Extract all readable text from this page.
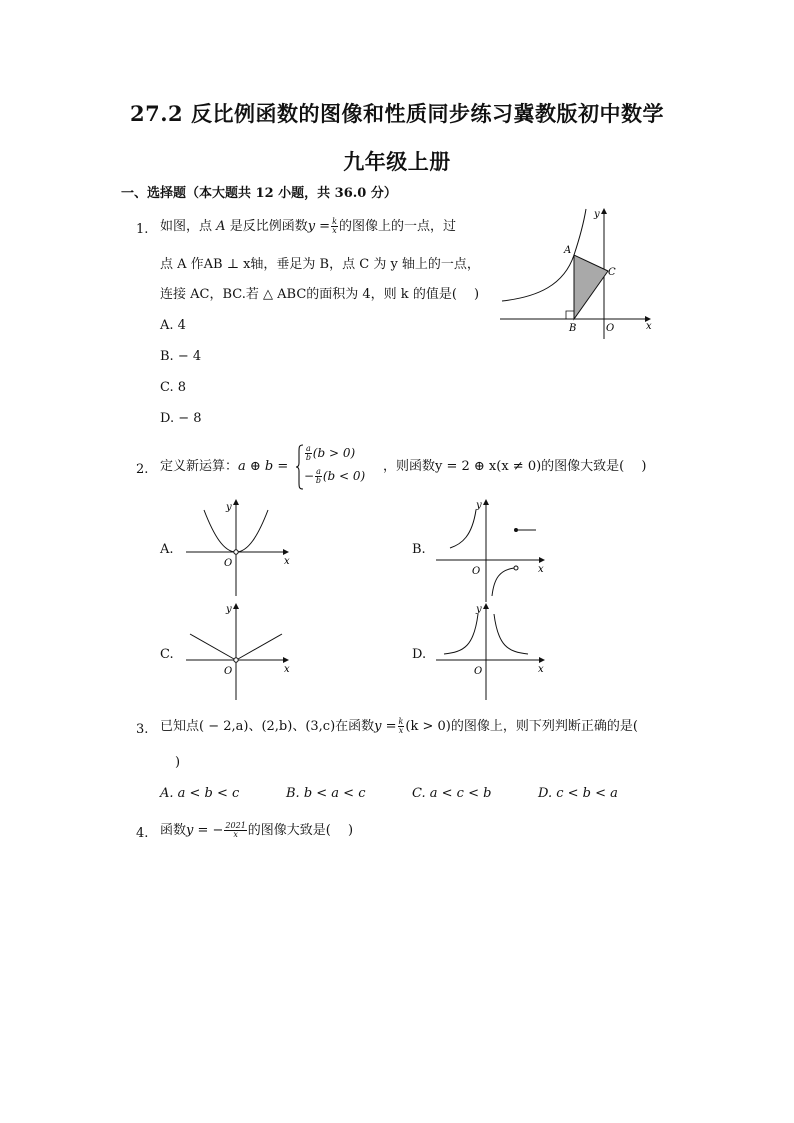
27.2 反比例函数的图像和性质同步练习冀教版初中数学
九年级上册
一、选择题（本大题共 12 小题，共 36.0 分）
1. 如图，点 A 是反比例函数$y = \frac{k}{x}$ 的图像上的一点，过
点 A 作AB ⊥ x轴，垂足为 B，点 C 为 y 轴上的一点，
连接 AC，BC.若 △ ABC的面积为 4，则 k 的值是(　 )
A. 4
B. − 4
C. 8
D. − 8
y
x
A
B
C
O
2. 定义新运算：a ⊕ b =
$\frac{a}{b} (b > 0)$
− $\frac{a}{b} (b < 0)$
，则函数y = 2 ⊕ x(x ≠ 0)的图像大致是(　 )
A.	B.
C.	D.
y
x
O
y
x
O
y
x
O
y
x
O
3. 已知点( − 2,a)、(2,b)、(3,c)在函数$y = \frac{k}{x} (k > 0)$的图像上，则下列判断正确的是(
)
A. a < b < c	B. b < a < c	C. a < c < b	D. c < b < a
4. 函数y = − $\frac{2021}{x}$ 的图像大致是(　 )
